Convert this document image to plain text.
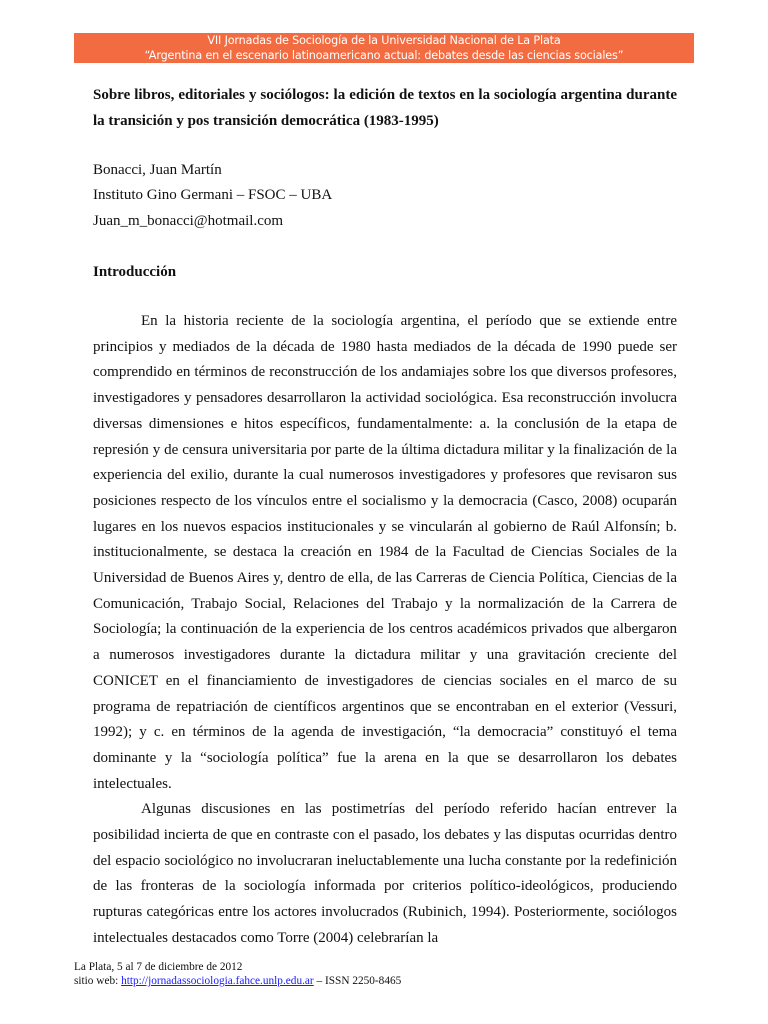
VII Jornadas de Sociología de la Universidad Nacional de La Plata
“Argentina en el escenario latinoamericano actual: debates desde las ciencias sociales”
Sobre libros, editoriales y sociólogos: la edición de textos en la sociología argentina durante la transición y pos transición democrática (1983-1995)
Bonacci, Juan Martín
Instituto Gino Germani – FSOC – UBA
Juan_m_bonacci@hotmail.com
Introducción

En la historia reciente de la sociología argentina, el período que se extiende entre principios y mediados de la década de 1980 hasta mediados de la década de 1990 puede ser comprendido en términos de reconstrucción de los andamiajes sobre los que diversos profesores, investigadores y pensadores desarrollaron la actividad sociológica. Esa reconstrucción involucra diversas dimensiones e hitos específicos, fundamentalmente: a. la conclusión de la etapa de represión y de censura universitaria por parte de la última dictadura militar y la finalización de la experiencia del exilio, durante la cual numerosos investigadores y profesores que revisaron sus posiciones respecto de los vínculos entre el socialismo y la democracia (Casco, 2008) ocuparán lugares en los nuevos espacios institucionales y se vincularán al gobierno de Raúl Alfonsín; b. institucionalmente, se destaca la creación en 1984 de la Facultad de Ciencias Sociales de la Universidad de Buenos Aires y, dentro de ella, de las Carreras de Ciencia Política, Ciencias de la Comunicación, Trabajo Social, Relaciones del Trabajo y la normalización de la Carrera de Sociología; la continuación de la experiencia de los centros académicos privados que albergaron a numerosos investigadores durante la dictadura militar y una gravitación creciente del CONICET en el financiamiento de investigadores de ciencias sociales en el marco de su programa de repatriación de científicos argentinos que se encontraban en el exterior (Vessuri, 1992); y c. en términos de la agenda de investigación, “la democracia” constituyó el tema dominante y la “sociología política” fue la arena en la que se desarrollaron los debates intelectuales.

Algunas discusiones en las postimetrías del período referido hacían entrever la posibilidad incierta de que en contraste con el pasado, los debates y las disputas ocurridas dentro del espacio sociológico no involucraran ineluctablemente una lucha constante por la redefinición de las fronteras de la sociología informada por criterios político-ideológicos, produciendo rupturas categóricas entre los actores involucrados (Rubinich, 1994). Posteriormente, sociólogos intelectuales destacados como Torre (2004) celebrarían la

La Plata, 5 al 7 de diciembre de 2012
sitio web: http://jornadassociologia.fahce.unlp.edu.ar – ISSN 2250-8465
